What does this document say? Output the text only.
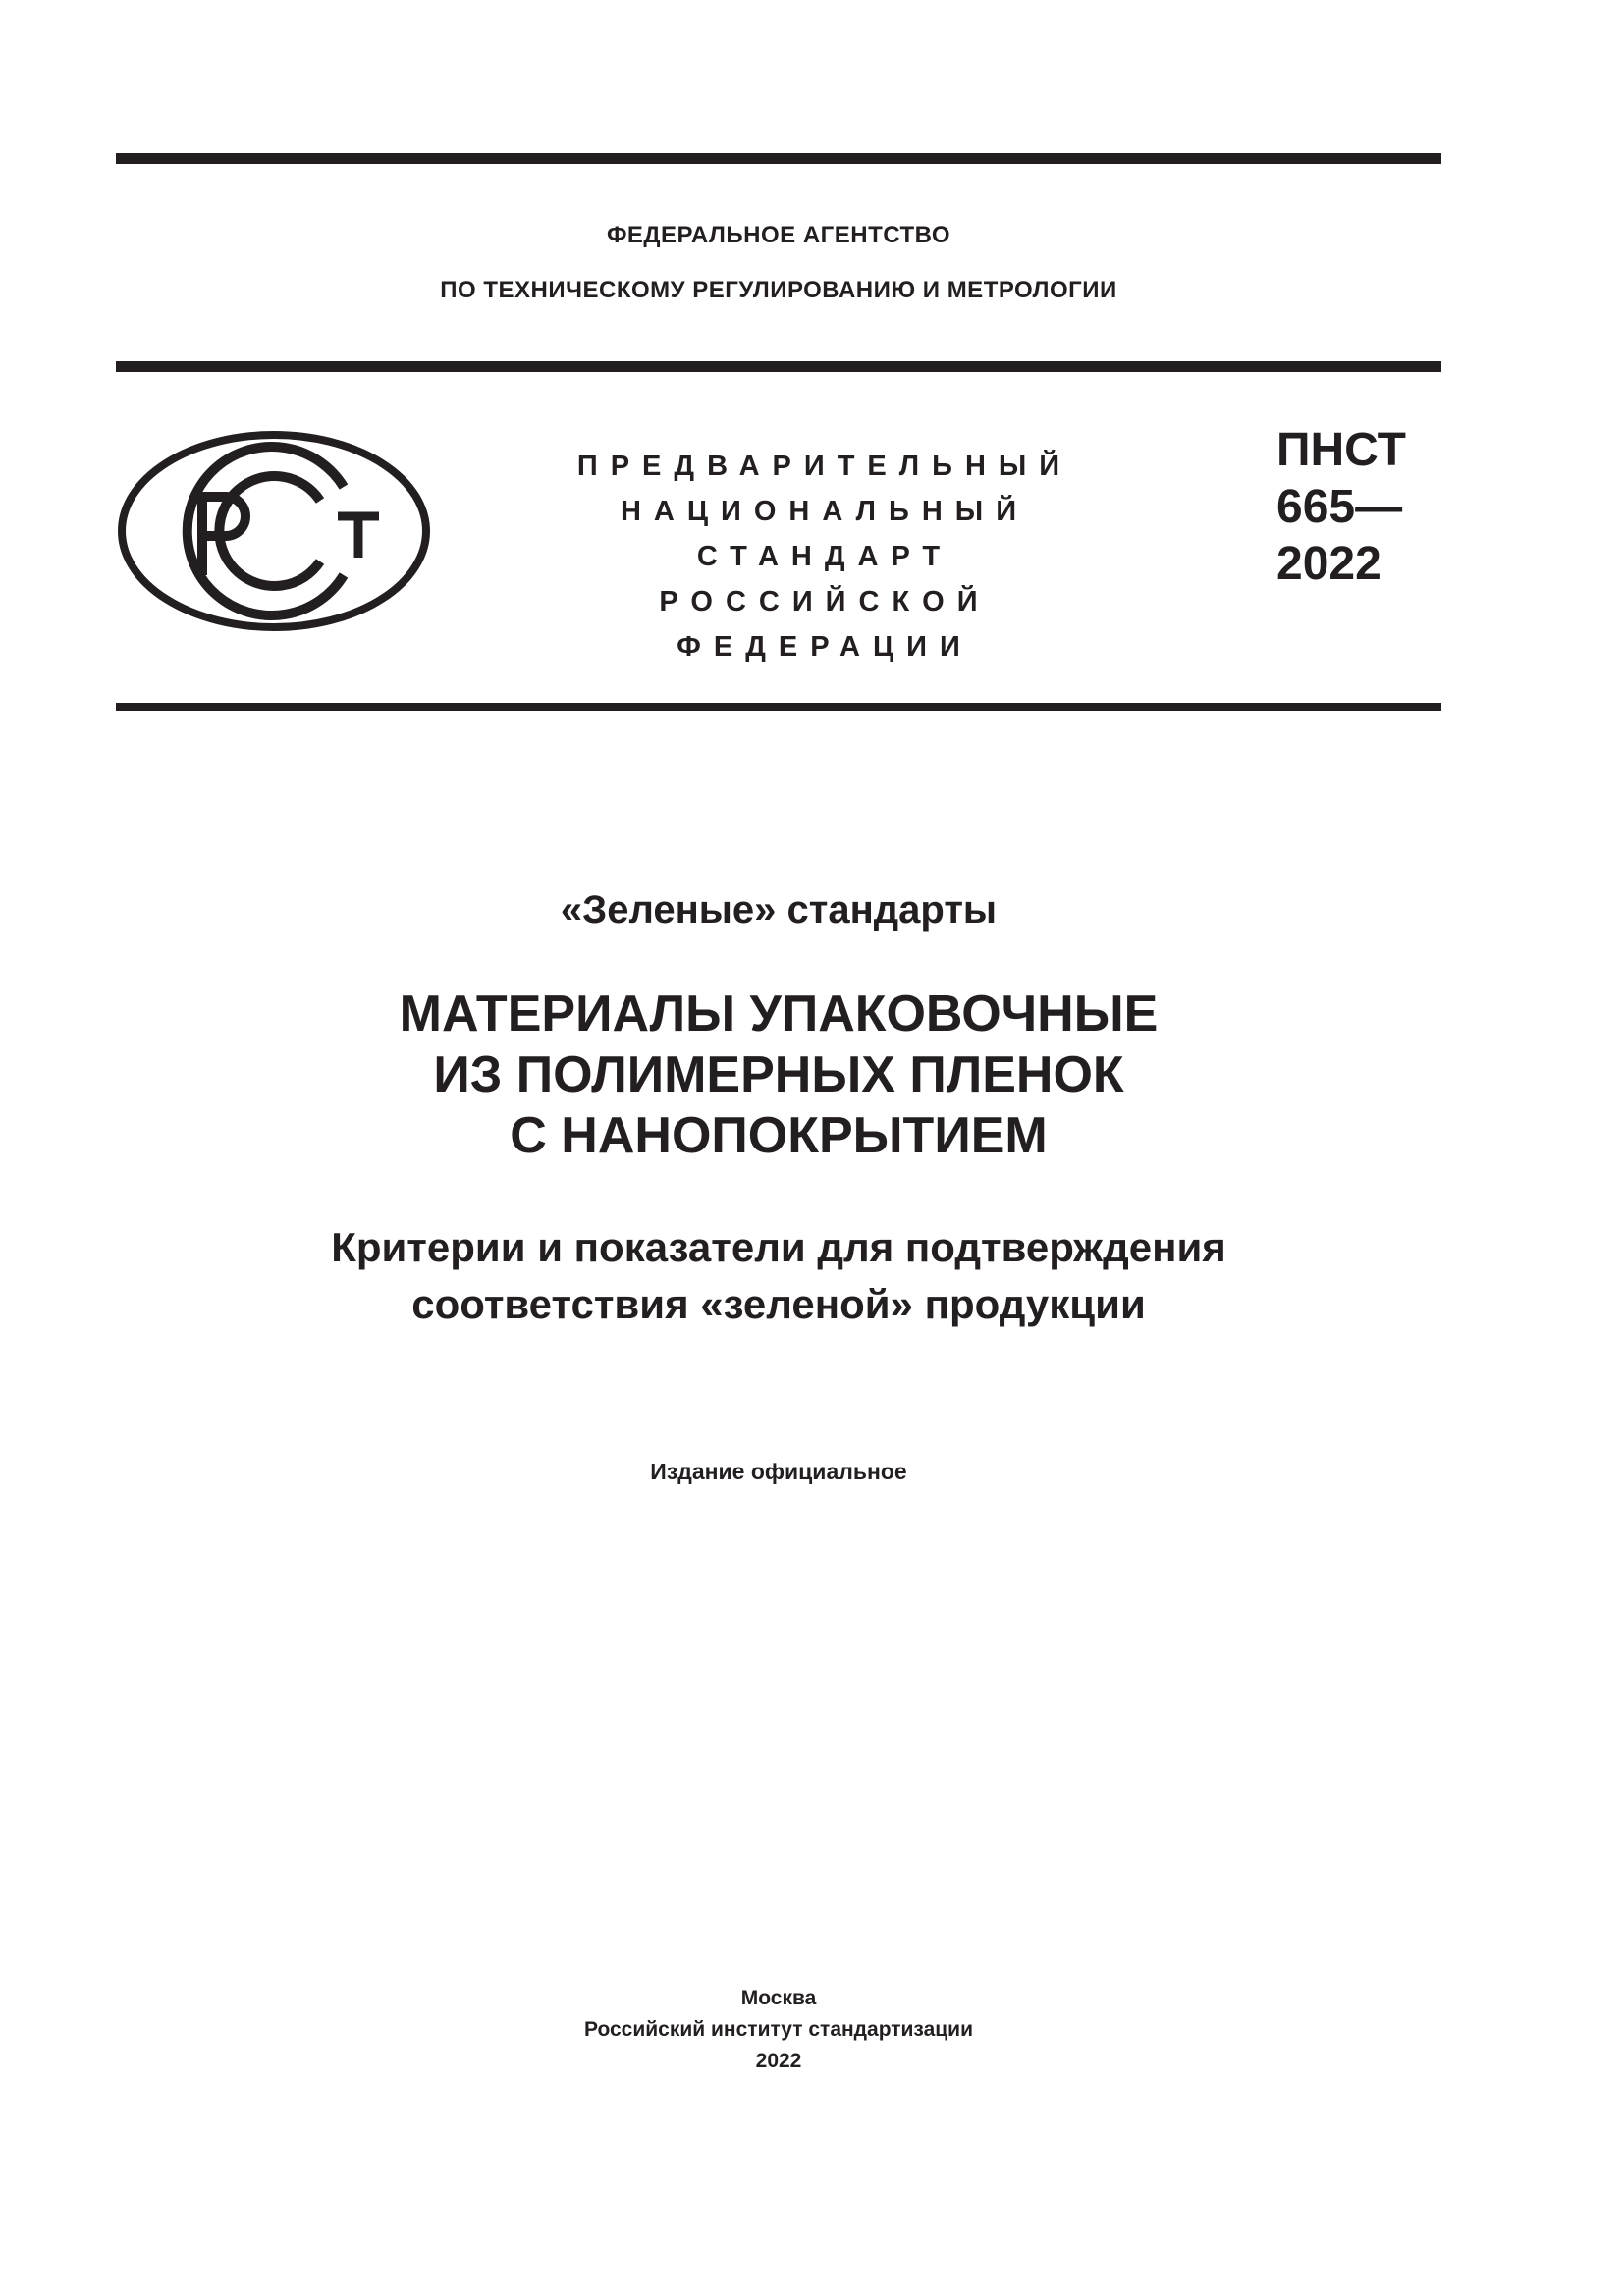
ФЕДЕРАЛЬНОЕ АГЕНТСТВО
ПО ТЕХНИЧЕСКОМУ РЕГУЛИРОВАНИЮ И МЕТРОЛОГИИ
ПРЕДВАРИТЕЛЬНЫЙ
НАЦИОНАЛЬНЫЙ
СТАНДАРТ
РОССИЙСКОЙ
ФЕДЕРАЦИИ
ПНСТ
665—
2022
«Зеленые» стандарты
МАТЕРИАЛЫ УПАКОВОЧНЫЕ
ИЗ ПОЛИМЕРНЫХ ПЛЕНОК
С НАНОПОКРЫТИЕМ
Критерии и показатели для подтверждения
соответствия «зеленой» продукции
Издание официальное
Москва
Российский институт стандартизации
2022
